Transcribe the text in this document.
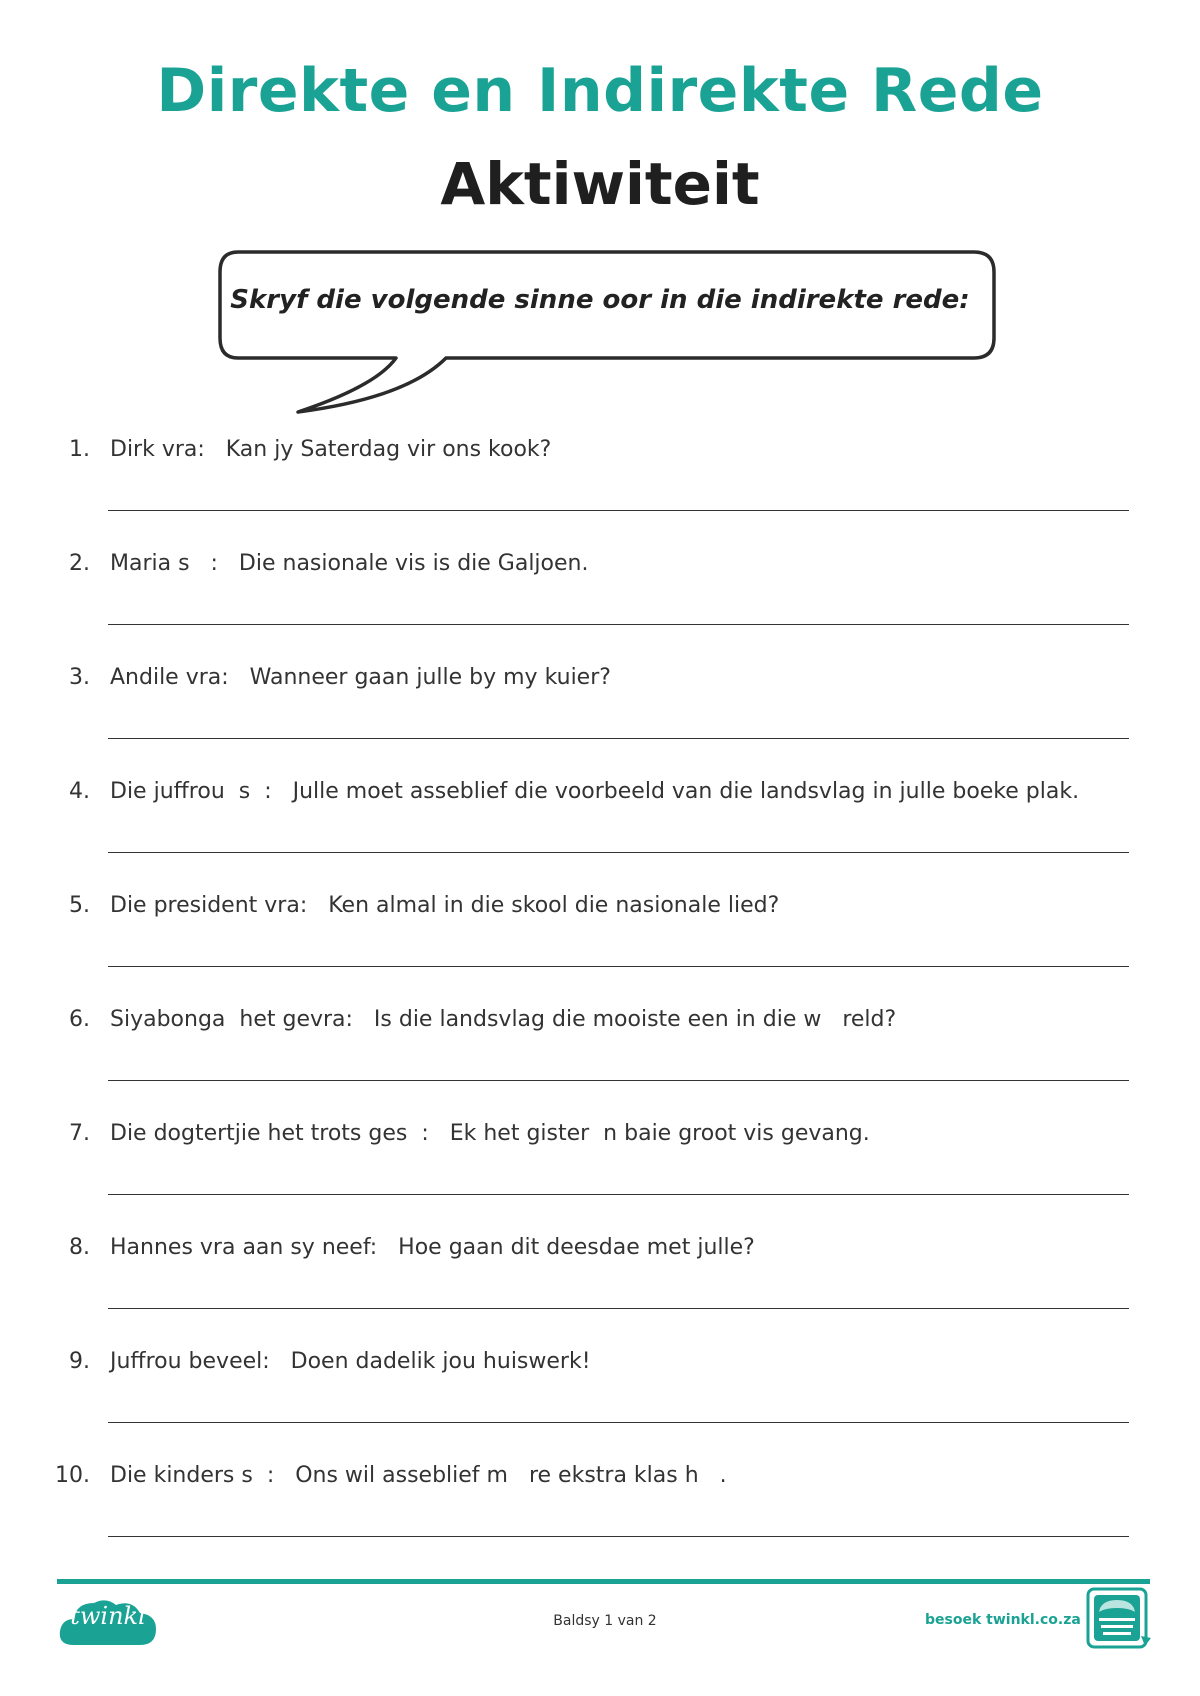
Direkte en Indirekte Rede
Aktiwiteit
Skryf die volgende sinne oor in die indirekte rede:
1. Dirk vra:   Kan jy Saterdag vir ons kook?
2. Maria s   :   Die nasionale vis is die Galjoen.
3. Andile vra:   Wanneer gaan julle by my kuier?
4. Die juffrou  s  :   Julle moet asseblief die voorbeeld van die landsvlag in julle boeke plak.
5. Die president vra:   Ken almal in die skool die nasionale lied?
6. Siyabonga  het gevra:   Is die landsvlag die mooiste een in die w   reld?
7. Die dogtertjie het trots ges  :   Ek het gister  n baie groot vis gevang.
8. Hannes vra aan sy neef:   Hoe gaan dit deesdae met julle?
9. Juffrou beveel:   Doen dadelik jou huiswerk!
10. Die kinders s  :   Ons wil asseblief m   re ekstra klas h   .
twinkl	Baldsy 1 van 2	besoek twinkl.co.za
